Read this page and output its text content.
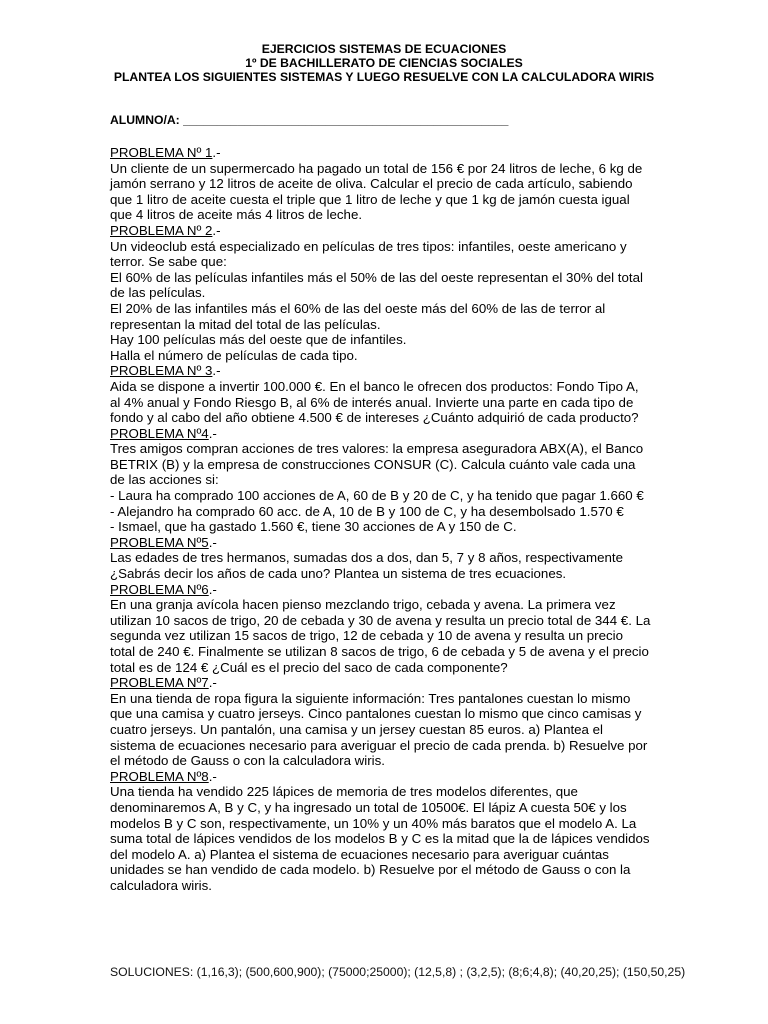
EJERCICIOS SISTEMAS DE ECUACIONES
1º DE BACHILLERATO DE CIENCIAS SOCIALES
PLANTEA LOS SIGUIENTES SISTEMAS Y LUEGO RESUELVE CON LA CALCULADORA WIRIS
ALUMNO/A: ________________________________________________
PROBLEMA Nº 1.-
Un cliente de un supermercado ha pagado un total de 156 € por 24 litros de leche, 6 kg de
jamón serrano y 12 litros de aceite de oliva. Calcular el precio de cada artículo, sabiendo
que 1 litro de aceite cuesta el triple que 1 litro de leche y que 1 kg de jamón cuesta igual
que 4 litros de aceite más 4 litros de leche.
PROBLEMA Nº 2.-
Un videoclub está especializado en películas de tres tipos: infantiles, oeste americano y
terror. Se sabe que:
El 60% de las películas infantiles más el 50% de las del oeste representan el 30% del total
de las películas.
El 20% de las infantiles más el 60% de las del oeste más del 60% de las de terror al
representan la mitad del total de las películas.
Hay 100 películas más del oeste que de infantiles.
Halla el número de películas de cada tipo.
PROBLEMA Nº 3.-
Aida se dispone a invertir 100.000 €. En el banco le ofrecen dos productos: Fondo Tipo A,
al 4% anual y Fondo Riesgo B, al 6% de interés anual. Invierte una parte en cada tipo de
fondo y al cabo del año obtiene 4.500 € de intereses ¿Cuánto adquirió de cada producto?
PROBLEMA Nº4.-
Tres amigos compran acciones de tres valores: la empresa aseguradora ABX(A), el Banco
BETRIX (B) y la empresa de construcciones CONSUR (C). Calcula cuánto vale cada una
de las acciones si:
- Laura ha comprado 100 acciones de A, 60 de B y 20 de C, y ha tenido que pagar 1.660 €
- Alejandro ha comprado 60 acc. de A, 10 de B y 100 de C, y ha desembolsado 1.570 €
- Ismael, que ha gastado 1.560 €, tiene 30 acciones de A y 150 de C.
PROBLEMA Nº5.-
Las edades de tres hermanos, sumadas dos a dos, dan 5, 7 y 8 años, respectivamente
¿Sabrás decir los años de cada uno? Plantea un sistema de tres ecuaciones.
PROBLEMA Nº6.-
En una granja avícola hacen pienso mezclando trigo, cebada y avena. La primera vez
utilizan 10 sacos de trigo, 20 de cebada y 30 de avena y resulta un precio total de 344 €. La
segunda vez utilizan 15 sacos de trigo, 12 de cebada y 10 de avena y resulta un precio
total de 240 €. Finalmente se utilizan 8 sacos de trigo, 6 de cebada y 5 de avena y el precio
total es de 124 € ¿Cuál es el precio del saco de cada componente?
PROBLEMA Nº7.-
En una tienda de ropa figura la siguiente información: Tres pantalones cuestan lo mismo
que una camisa y cuatro jerseys. Cinco pantalones cuestan lo mismo que cinco camisas y
cuatro jerseys. Un pantalón, una camisa y un jersey cuestan 85 euros. a) Plantea el
sistema de ecuaciones necesario para averiguar el precio de cada prenda. b) Resuelve por
el método de Gauss o con la calculadora wiris.
PROBLEMA Nº8.-
Una tienda ha vendido 225 lápices de memoria de tres modelos diferentes, que
denominaremos A, B y C, y ha ingresado un total de 10500€. El lápiz A cuesta 50€ y los
modelos B y C son, respectivamente, un 10% y un 40% más baratos que el modelo A. La
suma total de lápices vendidos de los modelos B y C es la mitad que la de lápices vendidos
del modelo A. a) Plantea el sistema de ecuaciones necesario para averiguar cuántas
unidades se han vendido de cada modelo. b) Resuelve por el método de Gauss o con la
calculadora wiris.
SOLUCIONES: (1,16,3); (500,600,900); (75000;25000); (12,5,8) ; (3,2,5); (8;6;4,8); (40,20,25); (150,50,25)
